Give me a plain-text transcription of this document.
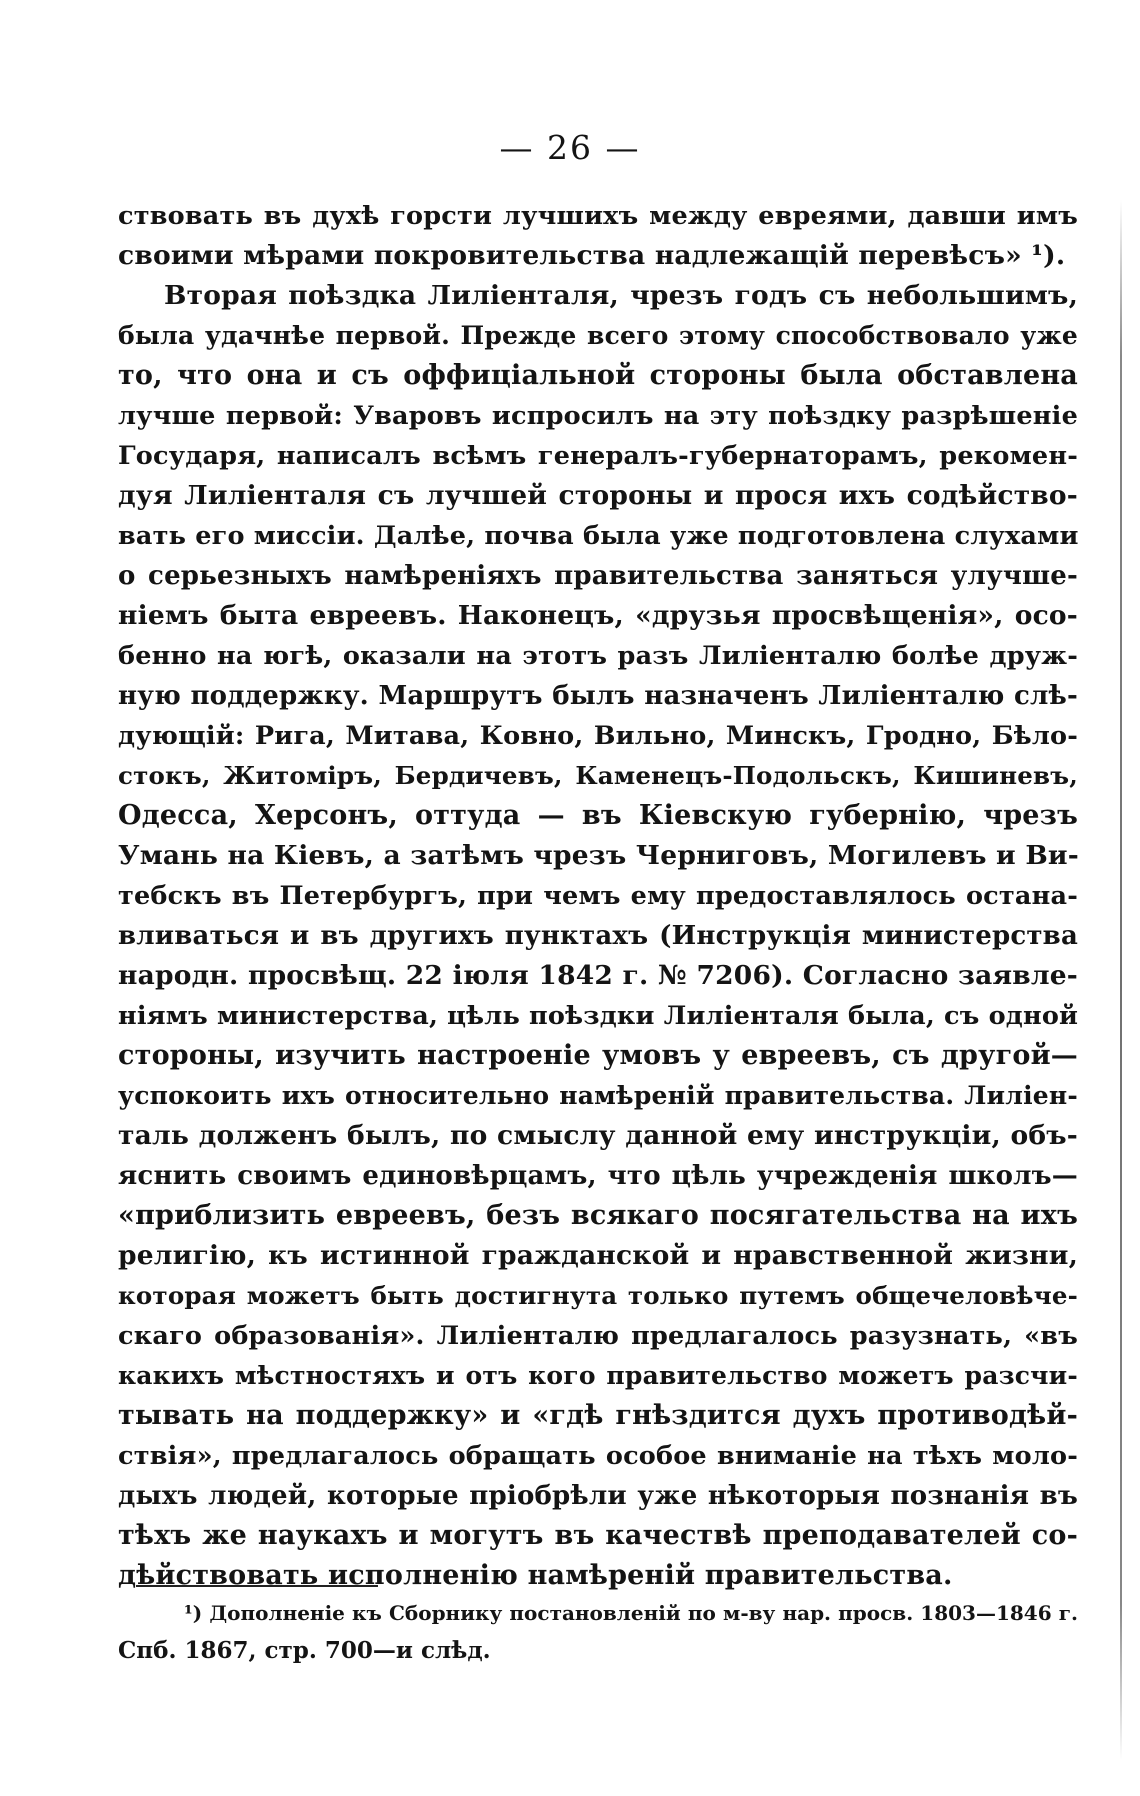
— 26 —
ствовать въ духѣ горсти лучшихъ между евреями, давши имъ
своими мѣрами покровительства надлежащій перевѣсъ» ¹).
Вторая поѣздка Лиліенталя, чрезъ годъ съ небольшимъ,
была удачнѣе первой. Прежде всего этому способствовало уже
то, что она и съ оффиціальной стороны была обставлена
лучше первой: Уваровъ испросилъ на эту поѣздку разрѣшеніе
Государя, написалъ всѣмъ генералъ-губернаторамъ, рекомен-
дуя Лиліенталя съ лучшей стороны и прося ихъ содѣйство-
вать его миссіи. Далѣе, почва была уже подготовлена слухами
о серьезныхъ намѣреніяхъ правительства заняться улучше-
ніемъ быта евреевъ. Наконецъ, «друзья просвѣщенія», осо-
бенно на югѣ, оказали на этотъ разъ Лиліенталю болѣе друж-
ную поддержку. Маршрутъ былъ назначенъ Лиліенталю слѣ-
дующій: Рига, Митава, Ковно, Вильно, Минскъ, Гродно, Бѣло-
стокъ, Житоміръ, Бердичевъ, Каменецъ-Подольскъ, Кишиневъ,
Одесса, Херсонъ, оттуда — въ Кіевскую губернію, чрезъ
Умань на Кіевъ, а затѣмъ чрезъ Черниговъ, Могилевъ и Ви-
тебскъ въ Петербургъ, при чемъ ему предоставлялось остана-
вливаться и въ другихъ пунктахъ (Инструкція министерства
народн. просвѣщ. 22 іюля 1842 г. № 7206). Согласно заявле-
ніямъ министерства, цѣль поѣздки Лиліенталя была, съ одной
стороны, изучить настроеніе умовъ у евреевъ, съ другой—
успокоить ихъ относительно намѣреній правительства. Лиліен-
таль долженъ былъ, по смыслу данной ему инструкціи, объ-
яснить своимъ единовѣрцамъ, что цѣль учрежденія школъ—
«приблизить евреевъ, безъ всякаго посягательства на ихъ
религію, къ истинной гражданской и нравственной жизни,
которая можетъ быть достигнута только путемъ общечеловѣче-
скаго образованія». Лиліенталю предлагалось разузнать, «въ
какихъ мѣстностяхъ и отъ кого правительство можетъ разсчи-
тывать на поддержку» и «гдѣ гнѣздится духъ противодѣй-
ствія», предлагалось обращать особое вниманіе на тѣхъ моло-
дыхъ людей, которые пріобрѣли уже нѣкоторыя познанія въ
тѣхъ же наукахъ и могутъ въ качествѣ преподавателей со-
дѣйствовать исполненію намѣреній правительства.
¹) Дополненіе къ Сборнику постановленій по м-ву нар. просв. 1803—1846 г.
Спб. 1867, стр. 700—и слѣд.
